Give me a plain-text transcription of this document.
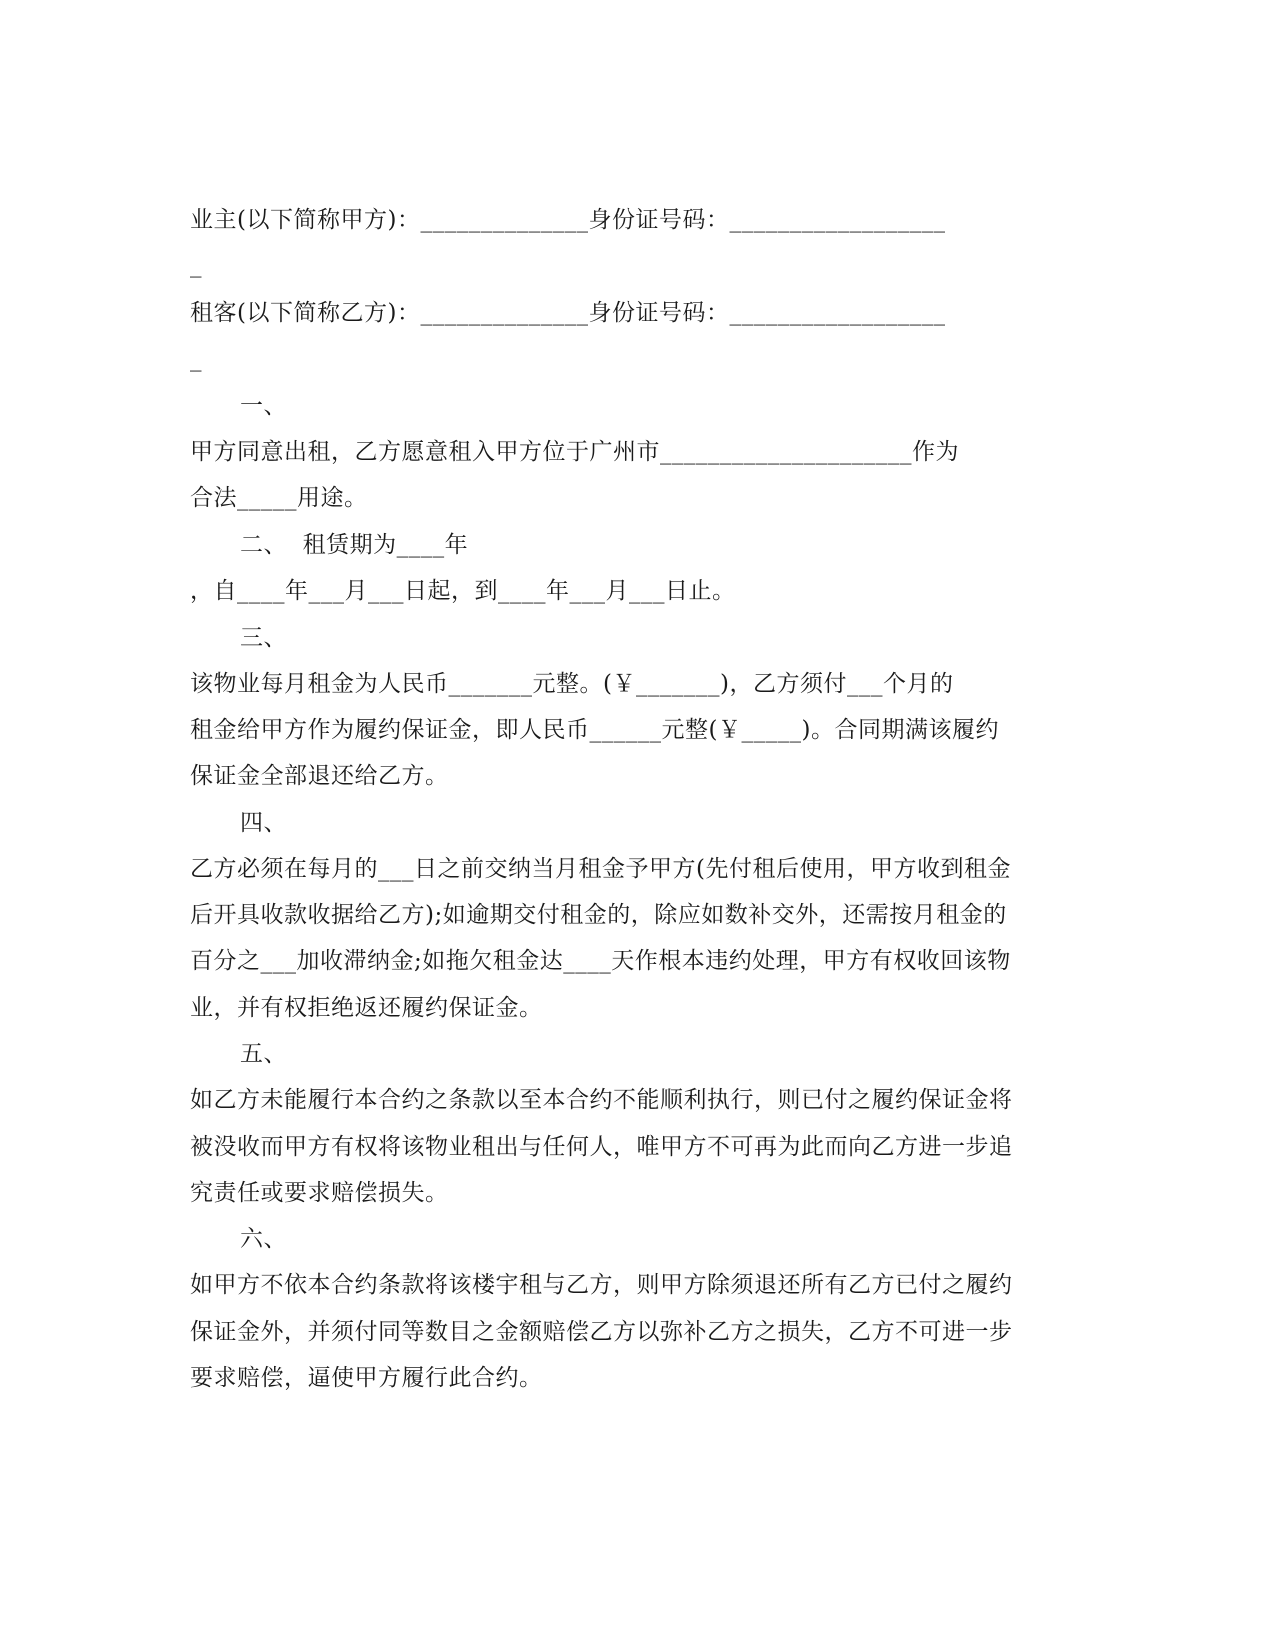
业主(以下简称甲方)：______________身份证号码：__________________
_
租客(以下简称乙方)：______________身份证号码：__________________
_
一、
甲方同意出租，乙方愿意租入甲方位于广州市_____________________作为
合法_____用途。
二、  租赁期为____年
，自____年___月___日起，到____年___月___日止。
三、
该物业每月租金为人民币_______元整。(￥_______)，乙方须付___个月的
租金给甲方作为履约保证金，即人民币______元整(￥_____)。合同期满该履约
保证金全部退还给乙方。
四、
乙方必须在每月的___日之前交纳当月租金予甲方(先付租后使用，甲方收到租金
后开具收款收据给乙方);如逾期交付租金的，除应如数补交外，还需按月租金的
百分之___加收滞纳金;如拖欠租金达____天作根本违约处理，甲方有权收回该物
业，并有权拒绝返还履约保证金。
五、
如乙方未能履行本合约之条款以至本合约不能顺利执行，则已付之履约保证金将
被没收而甲方有权将该物业租出与任何人，唯甲方不可再为此而向乙方进一步追
究责任或要求赔偿损失。
六、
如甲方不依本合约条款将该楼宇租与乙方，则甲方除须退还所有乙方已付之履约
保证金外，并须付同等数目之金额赔偿乙方以弥补乙方之损失，乙方不可进一步
要求赔偿，逼使甲方履行此合约。
